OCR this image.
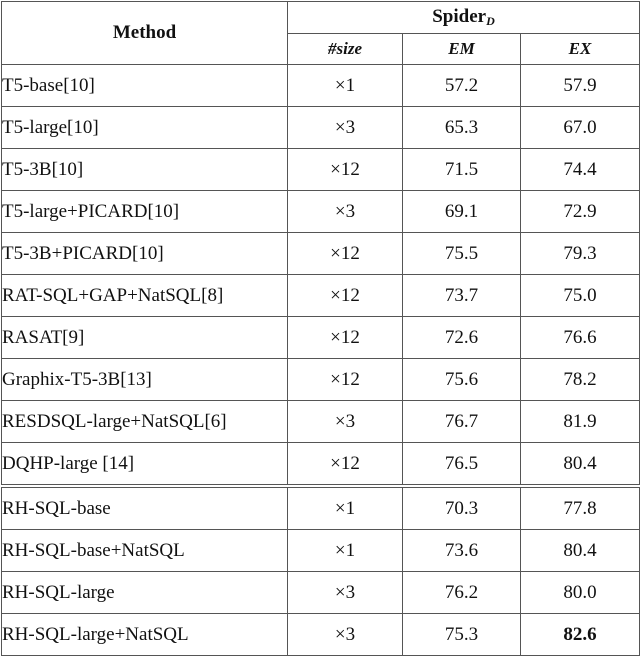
Method	Spider$_D$
	#size	EM	EX
T5-base[10]	×1	57.2	57.9
T5-large[10]	×3	65.3	67.0
T5-3B[10]	×12	71.5	74.4
T5-large+PICARD[10]	×3	69.1	72.9
T5-3B+PICARD[10]	×12	75.5	79.3
RAT-SQL+GAP+NatSQL[8]	×12	73.7	75.0
RASAT[9]	×12	72.6	76.6
Graphix-T5-3B[13]	×12	75.6	78.2
RESDSQL-large+NatSQL[6]	×3	76.7	81.9
DQHP-large [14]	×12	76.5	80.4
RH-SQL-base	×1	70.3	77.8
RH-SQL-base+NatSQL	×1	73.6	80.4
RH-SQL-large	×3	76.2	80.0
RH-SQL-large+NatSQL	×3	75.3	82.6
